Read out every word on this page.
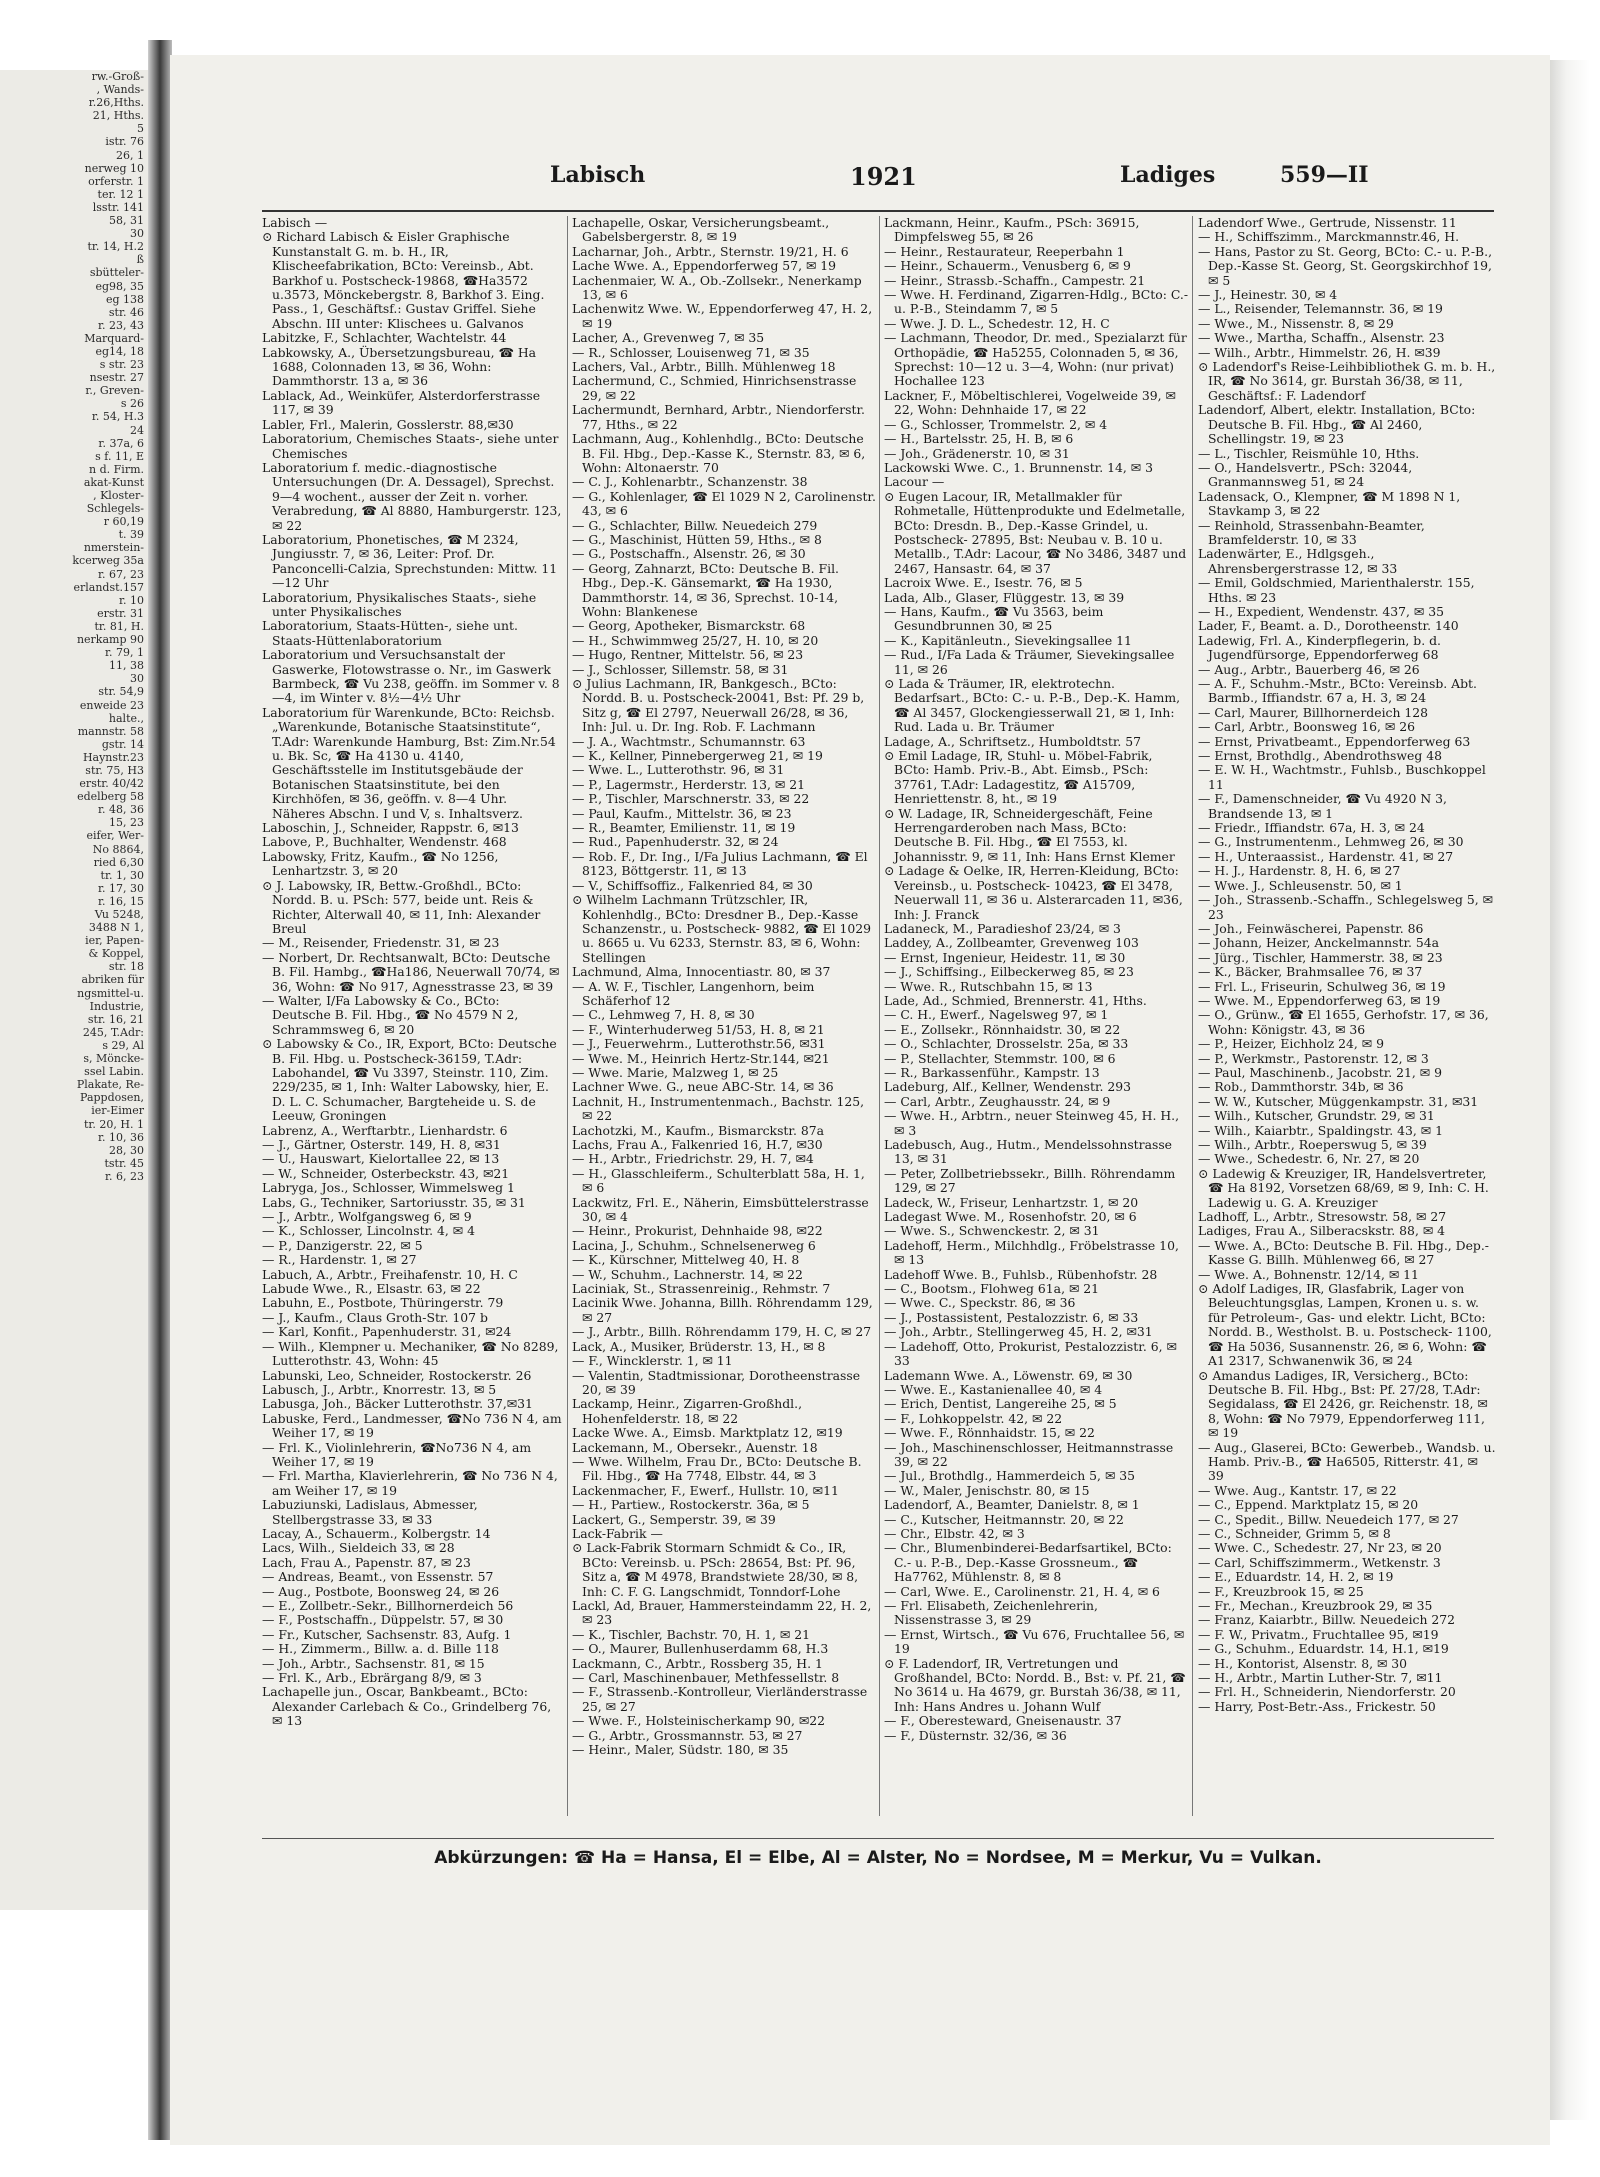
rw.-Groß-
, Wands-
r.26,Hths.
21, Hths.
5
istr. 76
26, 1
nerweg 10
orferstr. 1
ter. 12 1
lsstr. 141
58, 31
30
tr. 14, H.2
ß
sbütteler-
eg98, 35
eg 138
str. 46
r. 23, 43
Marquard-
eg14, 18
s str. 23
nsestr. 27
r., Greven-
s 26
r. 54, H.3
24
r. 37a, 6
s f. 11, E
n d. Firm.
akat-Kunst
, Kloster-
Schlegels-
r 60,19
t. 39
nmerstein-
kcerweg 35a
r. 67, 23
erlandst.157
r. 10
erstr. 31
tr. 81, H.
nerkamp 90
r. 79, 1
11, 38
30
str. 54,9
enweide 23
halte.,
mannstr. 58
gstr. 14
Haynstr.23
str. 75, H3
erstr. 40/42
edelberg 58
r. 48, 36
15, 23
eifer, Wer-
No 8864,
ried 6,30
tr. 1, 30
r. 17, 30
r. 16, 15
Vu 5248,
3488 N 1,
ier, Papen-
& Koppel,
str. 18
abriken für
ngsmittel-u.
Industrie,
str. 16, 21
245, T.Adr:
s 29, Al
s, Möncke-
ssel Labin.
Plakate, Re-
Pappdosen,
ier-Eimer
tr. 20, H. 1
r. 10, 36
28, 30
tstr. 45
r. 6, 23
Labisch	1921	Ladiges	559—II

Labisch —

⊙ Richard Labisch & Eisler Graphische Kunstanstalt G. m. b. H., IR, Klischeefabrikation, BCto: Vereinsb., Abt. Barkhof u. Postscheck-19868, ☎Ha3572 u.3573, Mönckebergstr. 8, Barkhof 3. Eing. Pass., 1, Geschäftsf.: Gustav Griffel. Siehe Abschn. III unter: Klischees u. Galvanos

Labitzke, F., Schlachter, Wachtelstr. 44

Labkowsky, A., Übersetzungsbureau, ☎ Ha 1688, Colonnaden 13, ✉ 36, Wohn: Dammthorstr. 13 a, ✉ 36

Lablack, Ad., Weinküfer, Alsterdorferstrasse 117, ✉ 39

Labler, Frl., Malerin, Gosslerstr. 88,✉30

Laboratorium, Chemisches Staats-, siehe unter Chemisches

Laboratorium f. medic.-diagnostische Untersuchungen (Dr. A. Dessagel), Sprechst. 9—4 wochent., ausser der Zeit n. vorher. Verabredung, ☎ Al 8880, Hamburgerstr. 123, ✉ 22

Laboratorium, Phonetisches, ☎ M 2324, Jungiusstr. 7, ✉ 36, Leiter: Prof. Dr. Panconcelli-Calzia, Sprechstunden: Mittw. 11—12 Uhr

Laboratorium, Physikalisches Staats-, siehe unter Physikalisches

Laboratorium, Staats-Hütten-, siehe unt. Staats-Hüttenlaboratorium

Laboratorium und Versuchsanstalt der Gaswerke, Flotowstrasse o. Nr., im Gaswerk Barmbeck, ☎ Vu 238, geöffn. im Sommer v. 8—4, im Winter v. 8½—4½ Uhr

Laboratorium für Warenkunde, BCto: Reichsb. „Warenkunde, Botanische Staatsinstitute“, T.Adr: Warenkunde Hamburg, Bst: Zim.Nr.54 u. Bk. Sc, ☎ Ha 4130 u. 4140, Geschäftsstelle im Institutsgebäude der Botanischen Staatsinstitute, bei den Kirchhöfen, ✉ 36, geöffn. v. 8—4 Uhr. Näheres Abschn. I und V, s. Inhaltsverz.

Laboschin, J., Schneider, Rappstr. 6, ✉13

Labove, P., Buchhalter, Wendenstr. 468

Labowsky, Fritz, Kaufm., ☎ No 1256, Lenhartzstr. 3, ✉ 20

⊙ J. Labowsky, IR, Bettw.-Großhdl., BCto: Nordd. B. u. PSch: 577, beide unt. Reis & Richter, Alterwall 40, ✉ 11, Inh: Alexander Breul

— M., Reisender, Friedenstr. 31, ✉ 23

— Norbert, Dr. Rechtsanwalt, BCto: Deutsche B. Fil. Hambg., ☎Ha186, Neuerwall 70/74, ✉ 36, Wohn: ☎ No 917, Agnesstrasse 23, ✉ 39

— Walter, I/Fa Labowsky & Co., BCto: Deutsche B. Fil. Hbg., ☎ No 4579 N 2, Schrammsweg 6, ✉ 20

⊙ Labowsky & Co., IR, Export, BCto: Deutsche B. Fil. Hbg. u. Postscheck-36159, T.Adr: Labohandel, ☎ Vu 3397, Steinstr. 110, Zim. 229/235, ✉ 1, Inh: Walter Labowsky, hier, E. D. L. C. Schumacher, Bargteheide u. S. de Leeuw, Groningen

Labrenz, A., Werftarbtr., Lienhardstr. 6

— J., Gärtner, Osterstr. 149, H. 8, ✉31

— U., Hauswart, Kielortallee 22, ✉ 13

— W., Schneider, Osterbeckstr. 43, ✉21

Labryga, Jos., Schlosser, Wimmelsweg 1

Labs, G., Techniker, Sartoriusstr. 35, ✉ 31

— J., Arbtr., Wolfgangsweg 6, ✉ 9

— K., Schlosser, Lincolnstr. 4, ✉ 4

— P., Danzigerstr. 22, ✉ 5

— R., Hardenstr. 1, ✉ 27

Labuch, A., Arbtr., Freihafenstr. 10, H. C

Labude Wwe., R., Elsastr. 63, ✉ 22

Labuhn, E., Postbote, Thüringerstr. 79

— J., Kaufm., Claus Groth-Str. 107 b

— Karl, Konfit., Papenhuderstr. 31, ✉24

— Wilh., Klempner u. Mechaniker, ☎ No 8289, Lutterothstr. 43, Wohn: 45

Labunski, Leo, Schneider, Rostockerstr. 26

Labusch, J., Arbtr., Knorrestr. 13, ✉ 5

Labusga, Joh., Bäcker Lutterothstr. 37,✉31

Labuske, Ferd., Landmesser, ☎No 736 N 4, am Weiher 17, ✉ 19

— Frl. K., Violinlehrerin, ☎No736 N 4, am Weiher 17, ✉ 19

— Frl. Martha, Klavierlehrerin, ☎ No 736 N 4, am Weiher 17, ✉ 19

Labuziunski, Ladislaus, Abmesser, Stellbergstrasse 33, ✉ 33

Lacay, A., Schauerm., Kolbergstr. 14

Lacs, Wilh., Sieldeich 33, ✉ 28

Lach, Frau A., Papenstr. 87, ✉ 23

— Andreas, Beamt., von Essenstr. 57

— Aug., Postbote, Boonsweg 24, ✉ 26

— E., Zollbetr.-Sekr., Billhornerdeich 56

— F., Postschaffn., Düppelstr. 57, ✉ 30

— Fr., Kutscher, Sachsenstr. 83, Aufg. 1

— H., Zimmerm., Billw. a. d. Bille 118

— Joh., Arbtr., Sachsenstr. 81, ✉ 15

— Frl. K., Arb., Ebrärgang 8/9, ✉ 3

Lachapelle jun., Oscar, Bankbeamt., BCto: Alexander Carlebach & Co., Grindelberg 76, ✉ 13

Lachapelle, Oskar, Versicherungsbeamt., Gabelsbergerstr. 8, ✉ 19

Lacharnar, Joh., Arbtr., Sternstr. 19/21, H. 6

Lache Wwe. A., Eppendorferweg 57, ✉ 19

Lachenmaier, W. A., Ob.-Zollsekr., Nenerkamp 13, ✉ 6

Lachenwitz Wwe. W., Eppendorferweg 47, H. 2, ✉ 19

Lacher, A., Grevenweg 7, ✉ 35

— R., Schlosser, Louisenweg 71, ✉ 35

Lachers, Val., Arbtr., Billh. Mühlenweg 18

Lachermund, C., Schmied, Hinrichsenstrasse 29, ✉ 22

Lachermundt, Bernhard, Arbtr., Niendorferstr. 77, Hths., ✉ 22

Lachmann, Aug., Kohlenhdlg., BCto: Deutsche B. Fil. Hbg., Dep.-Kasse K., Sternstr. 83, ✉ 6, Wohn: Altonaerstr. 70

— C. J., Kohlenarbtr., Schanzenstr. 38

— G., Kohlenlager, ☎ El 1029 N 2, Carolinenstr. 43, ✉ 6

— G., Schlachter, Billw. Neuedeich 279

— G., Maschinist, Hütten 59, Hths., ✉ 8

— G., Postschaffn., Alsenstr. 26, ✉ 30

— Georg, Zahnarzt, BCto: Deutsche B. Fil. Hbg., Dep.-K. Gänsemarkt, ☎ Ha 1930, Dammthorstr. 14, ✉ 36, Sprechst. 10-14, Wohn: Blankenese

— Georg, Apotheker, Bismarckstr. 68

— H., Schwimmweg 25/27, H. 10, ✉ 20

— Hugo, Rentner, Mittelstr. 56, ✉ 23

— J., Schlosser, Sillemstr. 58, ✉ 31

⊙ Julius Lachmann, IR, Bankgesch., BCto: Nordd. B. u. Postscheck-20041, Bst: Pf. 29 b, Sitz g, ☎ El 2797, Neuerwall 26/28, ✉ 36, Inh: Jul. u. Dr. Ing. Rob. F. Lachmann

— J. A., Wachtmstr., Schumannstr. 63

— K., Kellner, Pinnebergerweg 21, ✉ 19

— Wwe. L., Lutterothstr. 96, ✉ 31

— P., Lagermstr., Herderstr. 13, ✉ 21

— P., Tischler, Marschnerstr. 33, ✉ 22

— Paul, Kaufm., Mittelstr. 36, ✉ 23

— R., Beamter, Emilienstr. 11, ✉ 19

— Rud., Papenhuderstr. 32, ✉ 24

— Rob. F., Dr. Ing., I/Fa Julius Lachmann, ☎ El 8123, Böttgerstr. 11, ✉ 13

— V., Schiffsoffiz., Falkenried 84, ✉ 30

⊙ Wilhelm Lachmann Trützschler, IR, Kohlenhdlg., BCto: Dresdner B., Dep.-Kasse Schanzenstr., u. Postscheck- 9882, ☎ El 1029 u. 8665 u. Vu 6233, Sternstr. 83, ✉ 6, Wohn: Stellingen

Lachmund, Alma, Innocentiastr. 80, ✉ 37

— A. W. F., Tischler, Langenhorn, beim Schäferhof 12

— C., Lehmweg 7, H. 8, ✉ 30

— F., Winterhuderweg 51/53, H. 8, ✉ 21

— J., Feuerwehrm., Lutterothstr.56, ✉31

— Wwe. M., Heinrich Hertz-Str.144, ✉21

— Wwe. Marie, Malzweg 1, ✉ 25

Lachner Wwe. G., neue ABC-Str. 14, ✉ 36

Lachnit, H., Instrumentenmach., Bachstr. 125, ✉ 22

Lachotzki, M., Kaufm., Bismarckstr. 87a

Lachs, Frau A., Falkenried 16, H.7, ✉30

— H., Arbtr., Friedrichstr. 29, H. 7, ✉4

— H., Glasschleiferm., Schulterblatt 58a, H. 1, ✉ 6

Lackwitz, Frl. E., Näherin, Eimsbüttelerstrasse 30, ✉ 4

— Heinr., Prokurist, Dehnhaide 98, ✉22

Lacina, J., Schuhm., Schnelsenerweg 6

— K., Kürschner, Mittelweg 40, H. 8

— W., Schuhm., Lachnerstr. 14, ✉ 22

Laciniak, St., Strassenreinig., Rehmstr. 7

Lacinik Wwe. Johanna, Billh. Röhrendamm 129, ✉ 27

— J., Arbtr., Billh. Röhrendamm 179, H. C, ✉ 27

Lack, A., Musiker, Brüderstr. 13, H., ✉ 8

— F., Wincklerstr. 1, ✉ 11

— Valentin, Stadtmissionar, Dorotheenstrasse 20, ✉ 39

Lackamp, Heinr., Zigarren-Großhdl., Hohenfelderstr. 18, ✉ 22

Lacke Wwe. A., Eimsb. Marktplatz 12, ✉19

Lackemann, M., Obersekr., Auenstr. 18

— Wwe. Wilhelm, Frau Dr., BCto: Deutsche B. Fil. Hbg., ☎ Ha 7748, Elbstr. 44, ✉ 3

Lackenmacher, F., Ewerf., Hullstr. 10, ✉11

— H., Partiew., Rostockerstr. 36a, ✉ 5

Lackert, G., Semperstr. 39, ✉ 39

Lack-Fabrik —

⊙ Lack-Fabrik Stormarn Schmidt & Co., IR, BCto: Vereinsb. u. PSch: 28654, Bst: Pf. 96, Sitz a, ☎ M 4978, Brandstwiete 28/30, ✉ 8, Inh: C. F. G. Langschmidt, Tonndorf-Lohe

Lackl, Ad, Brauer, Hammersteindamm 22, H. 2, ✉ 23

— K., Tischler, Bachstr. 70, H. 1, ✉ 21

— O., Maurer, Bullenhuserdamm 68, H.3

Lackmann, C., Arbtr., Rossberg 35, H. 1

— Carl, Maschinenbauer, Methfessellstr. 8

— F., Strassenb.-Kontrolleur, Vierländerstrasse 25, ✉ 27

— Wwe. F., Holsteinischerkamp 90, ✉22

— G., Arbtr., Grossmannstr. 53, ✉ 27

— Heinr., Maler, Südstr. 180, ✉ 35

Lackmann, Heinr., Kaufm., PSch: 36915, Dimpfelsweg 55, ✉ 26

— Heinr., Restaurateur, Reeperbahn 1

— Heinr., Schauerm., Venusberg 6, ✉ 9

— Heinr., Strassb.-Schaffn., Campestr. 21

— Wwe. H. Ferdinand, Zigarren-Hdlg., BCto: C.- u. P.-B., Steindamm 7, ✉ 5

— Wwe. J. D. L., Schedestr. 12, H. C

— Lachmann, Theodor, Dr. med., Spezialarzt für Orthopädie, ☎ Ha5255, Colonnaden 5, ✉ 36, Sprechst: 10—12 u. 3—4, Wohn: (nur privat) Hochallee 123

Lackner, F., Möbeltischlerei, Vogelweide 39, ✉ 22, Wohn: Dehnhaide 17, ✉ 22

— G., Schlosser, Trommelstr. 2, ✉ 4

— H., Bartelsstr. 25, H. B, ✉ 6

— Joh., Grädenerstr. 10, ✉ 31

Lackowski Wwe. C., 1. Brunnenstr. 14, ✉ 3

Lacour —

⊙ Eugen Lacour, IR, Metallmakler für Rohmetalle, Hüttenprodukte und Edelmetalle, BCto: Dresdn. B., Dep.-Kasse Grindel, u. Postscheck- 27895, Bst: Neubau v. B. 10 u. Metallb., T.Adr: Lacour, ☎ No 3486, 3487 und 2467, Hansastr. 64, ✉ 37

Lacroix Wwe. E., Isestr. 76, ✉ 5

Lada, Alb., Glaser, Flüggestr. 13, ✉ 39

— Hans, Kaufm., ☎ Vu 3563, beim Gesundbrunnen 30, ✉ 25

— K., Kapitänleutn., Sievekingsallee 11

— Rud., I/Fa Lada & Träumer, Sievekingsallee 11, ✉ 26

⊙ Lada & Träumer, IR, elektrotechn. Bedarfsart., BCto: C.- u. P.-B., Dep.-K. Hamm, ☎ Al 3457, Glockengiesserwall 21, ✉ 1, Inh: Rud. Lada u. Br. Träumer

Ladage, A., Schriftsetz., Humboldtstr. 57

⊙ Emil Ladage, IR, Stuhl- u. Möbel-Fabrik, BCto: Hamb. Priv.-B., Abt. Eimsb., PSch: 37761, T.Adr: Ladagestitz, ☎ A15709, Henriettenstr. 8, ht., ✉ 19

⊙ W. Ladage, IR, Schneidergeschäft, Feine Herrengarderoben nach Mass, BCto: Deutsche B. Fil. Hbg., ☎ El 7553, kl. Johannisstr. 9, ✉ 11, Inh: Hans Ernst Klemer

⊙ Ladage & Oelke, IR, Herren-Kleidung, BCto: Vereinsb., u. Postscheck- 10423, ☎ El 3478, Neuerwall 11, ✉ 36 u. Alsterarcaden 11, ✉36, Inh: J. Franck

Ladaneck, M., Paradieshof 23/24, ✉ 3

Laddey, A., Zollbeamter, Grevenweg 103

— Ernst, Ingenieur, Heidestr. 11, ✉ 30

— J., Schiffsing., Eilbeckerweg 85, ✉ 23

— Wwe. R., Rutschbahn 15, ✉ 13

Lade, Ad., Schmied, Brennerstr. 41, Hths.

— C. H., Ewerf., Nagelsweg 97, ✉ 1

— E., Zollsekr., Rönnhaidstr. 30, ✉ 22

— O., Schlachter, Drosselstr. 25a, ✉ 33

— P., Stellachter, Stemmstr. 100, ✉ 6

— R., Barkassenführ., Kampstr. 13

Ladeburg, Alf., Kellner, Wendenstr. 293

— Carl, Arbtr., Zeughausstr. 24, ✉ 9

— Wwe. H., Arbtrn., neuer Steinweg 45, H. H., ✉ 3

Ladebusch, Aug., Hutm., Mendelssohnstrasse 13, ✉ 31

— Peter, Zollbetriebssekr., Billh. Röhrendamm 129, ✉ 27

Ladeck, W., Friseur, Lenhartzstr. 1, ✉ 20

Ladegast Wwe. M., Rosenhofstr. 20, ✉ 6

— Wwe. S., Schwenckestr. 2, ✉ 31

Ladehoff, Herm., Milchhdlg., Fröbelstrasse 10, ✉ 13

Ladehoff Wwe. B., Fuhlsb., Rübenhofstr. 28

— C., Bootsm., Flohweg 61a, ✉ 21

— Wwe. C., Speckstr. 86, ✉ 36

— J., Postassistent, Pestalozzistr. 6, ✉ 33

— Joh., Arbtr., Stellingerweg 45, H. 2, ✉31

— Ladehoff, Otto, Prokurist, Pestalozzistr. 6, ✉ 33

Lademann Wwe. A., Löwenstr. 69, ✉ 30

— Wwe. E., Kastanienallee 40, ✉ 4

— Erich, Dentist, Langereihe 25, ✉ 5

— F., Lohkoppelstr. 42, ✉ 22

— Wwe. F., Rönnhaidstr. 15, ✉ 22

— Joh., Maschinenschlosser, Heitmannstrasse 39, ✉ 22

— Jul., Brothdlg., Hammerdeich 5, ✉ 35

— W., Maler, Jenischstr. 80, ✉ 15

Ladendorf, A., Beamter, Danielstr. 8, ✉ 1

— C., Kutscher, Heitmannstr. 20, ✉ 22

— Chr., Elbstr. 42, ✉ 3

— Chr., Blumenbinderei-Bedarfsartikel, BCto: C.- u. P.-B., Dep.-Kasse Grossneum., ☎ Ha7762, Mühlenstr. 8, ✉ 8

— Carl, Wwe. E., Carolinenstr. 21, H. 4, ✉ 6

— Frl. Elisabeth, Zeichenlehrerin, Nissenstrasse 3, ✉ 29

— Ernst, Wirtsch., ☎ Vu 676, Fruchtallee 56, ✉ 19

⊙ F. Ladendorf, IR, Vertretungen und Großhandel, BCto: Nordd. B., Bst: v. Pf. 21, ☎ No 3614 u. Ha 4679, gr. Burstah 36/38, ✉ 11, Inh: Hans Andres u. Johann Wulf

— F., Oberesteward, Gneisenaustr. 37

— F., Düsternstr. 32/36, ✉ 36

Ladendorf Wwe., Gertrude, Nissenstr. 11

— H., Schiffszimm., Marckmannstr.46, H.

— Hans, Pastor zu St. Georg, BCto: C.- u. P.-B., Dep.-Kasse St. Georg, St. Georgskirchhof 19, ✉ 5

— J., Heinestr. 30, ✉ 4

— L., Reisender, Telemannstr. 36, ✉ 19

— Wwe., M., Nissenstr. 8, ✉ 29

— Wwe., Martha, Schaffn., Alsenstr. 23

— Wilh., Arbtr., Himmelstr. 26, H. ✉39

⊙ Ladendorf's Reise-Leihbibliothek G. m. b. H., IR, ☎ No 3614, gr. Burstah 36/38, ✉ 11, Geschäftsf.: F. Ladendorf

Ladendorf, Albert, elektr. Installation, BCto: Deutsche B. Fil. Hbg., ☎ Al 2460, Schellingstr. 19, ✉ 23

— L., Tischler, Reismühle 10, Hths.

— O., Handelsvertr., PSch: 32044, Granmannsweg 51, ✉ 24

Ladensack, O., Klempner, ☎ M 1898 N 1, Stavkamp 3, ✉ 22

— Reinhold, Strassenbahn-Beamter, Bramfelderstr. 10, ✉ 33

Ladenwärter, E., Hdlgsgeh., Ahrensbergerstrasse 12, ✉ 33

— Emil, Goldschmied, Marienthalerstr. 155, Hths. ✉ 23

— H., Expedient, Wendenstr. 437, ✉ 35

Lader, F., Beamt. a. D., Dorotheenstr. 140

Ladewig, Frl. A., Kinderpflegerin, b. d. Jugendfürsorge, Eppendorferweg 68

— Aug., Arbtr., Bauerberg 46, ✉ 26

— A. F., Schuhm.-Mstr., BCto: Vereinsb. Abt. Barmb., Iffiandstr. 67 a, H. 3, ✉ 24

— Carl, Maurer, Billhornerdeich 128

— Carl, Arbtr., Boonsweg 16, ✉ 26

— Ernst, Privatbeamt., Eppendorferweg 63

— Ernst, Brothdlg., Abendrothsweg 48

— E. W. H., Wachtmstr., Fuhlsb., Buschkoppel 11

— F., Damenschneider, ☎ Vu 4920 N 3, Brandsende 13, ✉ 1

— Friedr., Iffiandstr. 67a, H. 3, ✉ 24

— G., Instrumentenm., Lehmweg 26, ✉ 30

— H., Unteraassist., Hardenstr. 41, ✉ 27

— H. J., Hardenstr. 8, H. 6, ✉ 27

— Wwe. J., Schleusenstr. 50, ✉ 1

— Joh., Strassenb.-Schaffn., Schlegelsweg 5, ✉ 23

— Joh., Feinwäscherei, Papenstr. 86

— Johann, Heizer, Anckelmannstr. 54a

— Jürg., Tischler, Hammerstr. 38, ✉ 23

— K., Bäcker, Brahmsallee 76, ✉ 37

— Frl. L., Friseurin, Schulweg 36, ✉ 19

— Wwe. M., Eppendorferweg 63, ✉ 19

— O., Grünw., ☎ El 1655, Gerhofstr. 17, ✉ 36, Wohn: Königstr. 43, ✉ 36

— P., Heizer, Eichholz 24, ✉ 9

— P., Werkmstr., Pastorenstr. 12, ✉ 3

— Paul, Maschinenb., Jacobstr. 21, ✉ 9

— Rob., Dammthorstr. 34b, ✉ 36

— W. W., Kutscher, Müggenkampstr. 31, ✉31

— Wilh., Kutscher, Grundstr. 29, ✉ 31

— Wilh., Kaiarbtr., Spaldingstr. 43, ✉ 1

— Wilh., Arbtr., Roeperswug 5, ✉ 39

— Wwe., Schedestr. 6, Nr. 27, ✉ 20

⊙ Ladewig & Kreuziger, IR, Handelsvertreter, ☎ Ha 8192, Vorsetzen 68/69, ✉ 9, Inh: C. H. Ladewig u. G. A. Kreuziger

Ladhoff, L., Arbtr., Stresowstr. 58, ✉ 27

Ladiges, Frau A., Silberacskstr. 88, ✉ 4

— Wwe. A., BCto: Deutsche B. Fil. Hbg., Dep.-Kasse G. Billh. Mühlenweg 66, ✉ 27

— Wwe. A., Bohnenstr. 12/14, ✉ 11

⊙ Adolf Ladiges, IR, Glasfabrik, Lager von Beleuchtungsglas, Lampen, Kronen u. s. w. für Petroleum-, Gas- und elektr. Licht, BCto: Nordd. B., Westholst. B. u. Postscheck- 1100, ☎ Ha 5036, Susannenstr. 26, ✉ 6, Wohn: ☎ A1 2317, Schwanenwik 36, ✉ 24

⊙ Amandus Ladiges, IR, Versicherg., BCto: Deutsche B. Fil. Hbg., Bst: Pf. 27/28, T.Adr: Segidalass, ☎ El 2426, gr. Reichenstr. 18, ✉ 8, Wohn: ☎ No 7979, Eppendorferweg 111, ✉ 19

— Aug., Glaserei, BCto: Gewerbeb., Wandsb. u. Hamb. Priv.-B., ☎ Ha6505, Ritterstr. 41, ✉ 39

— Wwe. Aug., Kantstr. 17, ✉ 22

— C., Eppend. Marktplatz 15, ✉ 20

— C., Spedit., Billw. Neuedeich 177, ✉ 27

— C., Schneider, Grimm 5, ✉ 8

— Wwe. C., Schedestr. 27, Nr 23, ✉ 20

— Carl, Schiffszimmerm., Wetkenstr. 3

— E., Eduardstr. 14, H. 2, ✉ 19

— F., Kreuzbrook 15, ✉ 25

— Fr., Mechan., Kreuzbrook 29, ✉ 35

— Franz, Kaiarbtr., Billw. Neuedeich 272

— F. W., Privatm., Fruchtallee 95, ✉19

— G., Schuhm., Eduardstr. 14, H.1, ✉19

— H., Kontorist, Alsenstr. 8, ✉ 30

— H., Arbtr., Martin Luther-Str. 7, ✉11

— Frl. H., Schneiderin, Niendorferstr. 20

— Harry, Post-Betr.-Ass., Frickestr. 50

Abkürzungen: ☎ Ha = Hansa, El = Elbe, Al = Alster, No = Nordsee, M = Merkur, Vu = Vulkan.
